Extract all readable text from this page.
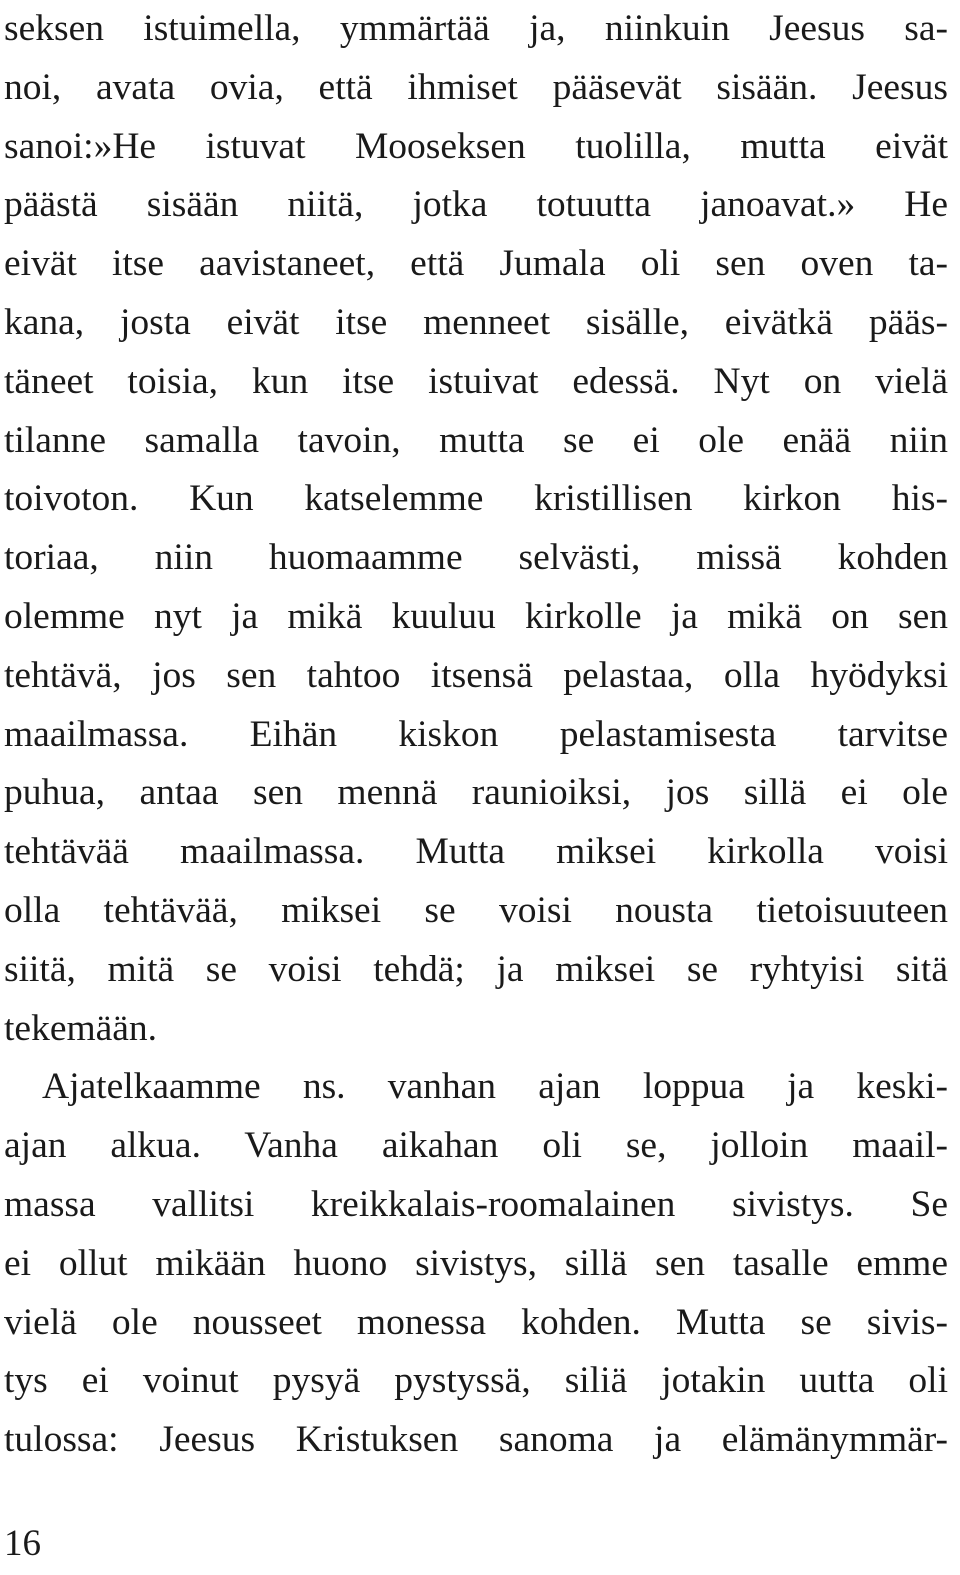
seksen istuimella, ymmärtää ja, niinkuin Jeesus sa-
noi, avata ovia, että ihmiset pääsevät sisään. Jeesus
sanoi:»He istuvat Mooseksen tuolilla, mutta eivät
päästä sisään niitä, jotka totuutta janoavat.» He
eivät itse aavistaneet, että Jumala oli sen oven ta-
kana, josta eivät itse menneet sisälle, eivätkä pääs-
täneet toisia, kun itse istuivat edessä. Nyt on vielä
tilanne samalla tavoin, mutta se ei ole enää niin
toivoton. Kun katselemme kristillisen kirkon his-
toriaa, niin huomaamme selvästi, missä kohden
olemme nyt ja mikä kuuluu kirkolle ja mikä on sen
tehtävä, jos sen tahtoo itsensä pelastaa, olla hyödyksi
maailmassa. Eihän kiskon pelastamisesta tarvitse
puhua, antaa sen mennä raunioiksi, jos sillä ei ole
tehtävää maailmassa. Mutta miksei kirkolla voisi
olla tehtävää, miksei se voisi nousta tietoisuuteen
siitä, mitä se voisi tehdä; ja miksei se ryhtyisi sitä
tekemään.
Ajatelkaamme ns. vanhan ajan loppua ja keski-
ajan alkua. Vanha aikahan oli se, jolloin maail-
massa vallitsi kreikkalais-roomalainen sivistys. Se
ei ollut mikään huono sivistys, sillä sen tasalle emme
vielä ole nousseet monessa kohden. Mutta se sivis-
tys ei voinut pysyä pystyssä, siliä jotakin uutta oli
tulossa: Jeesus Kristuksen sanoma ja elämänymmär-
16
